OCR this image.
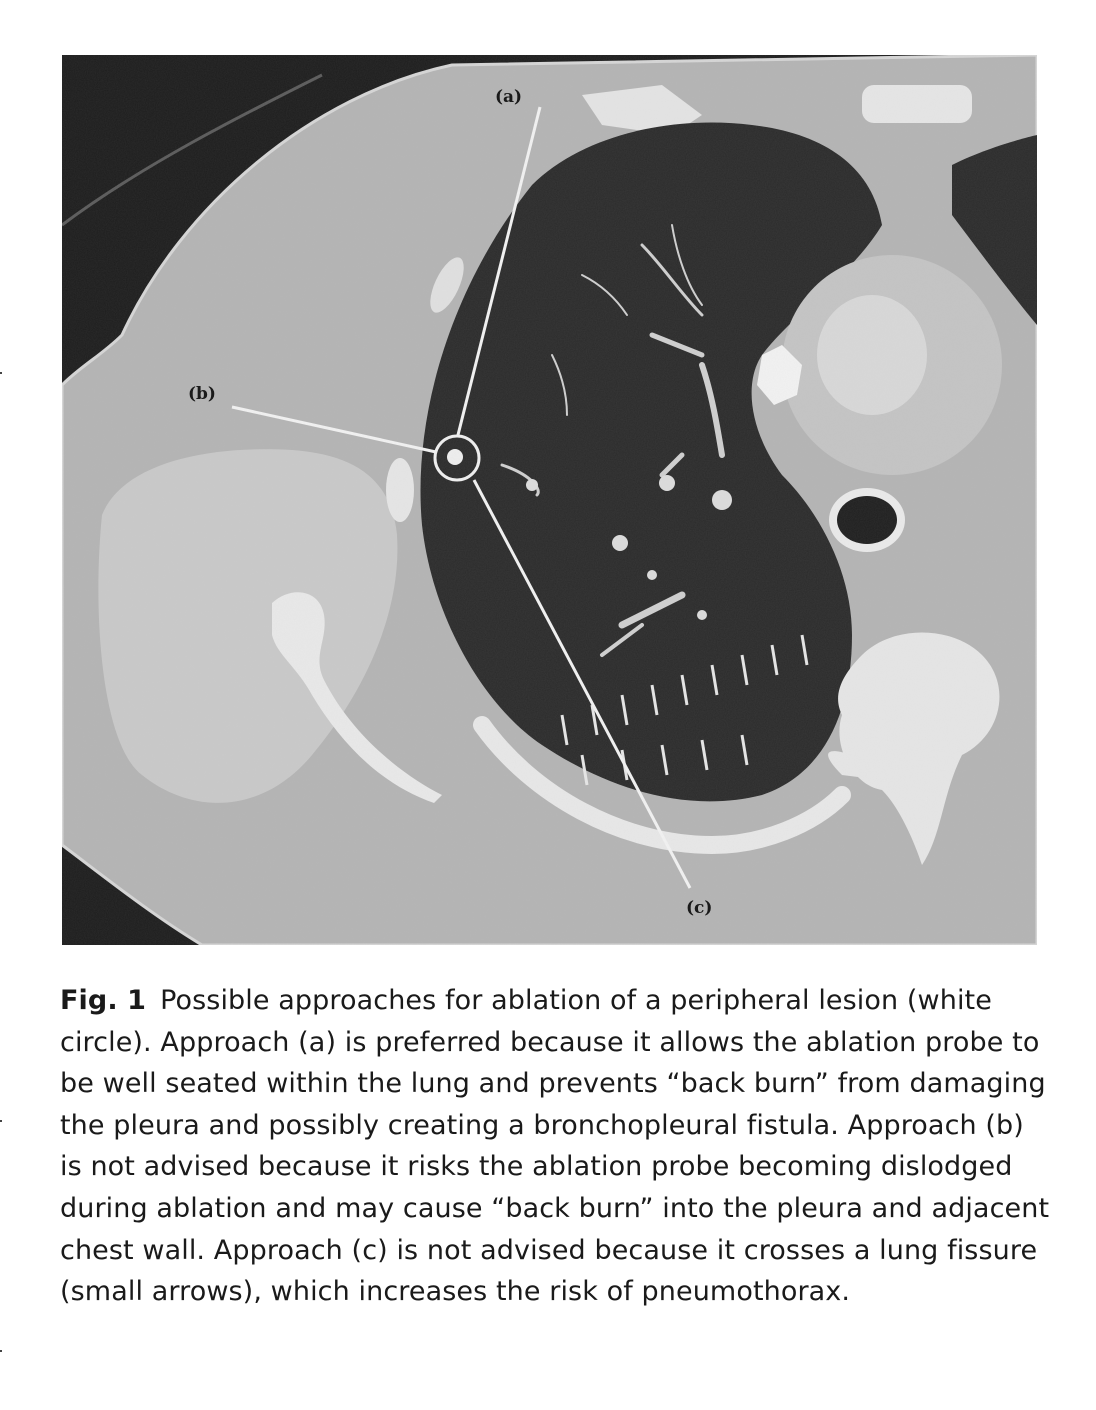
(a)
(b)
(c)
Fig. 1 Possible approaches for ablation of a peripheral lesion (white circle). Approach (a) is preferred because it allows the ablation probe to be well seated within the lung and prevents “back burn” from damaging the pleura and possibly creating a bronchopleural fistula. Approach (b) is not advised because it risks the ablation probe becoming dislodged during ablation and may cause “back burn” into the pleura and adjacent chest wall. Approach (c) is not advised because it crosses a lung fissure (small arrows), which increases the risk of pneumothorax.
